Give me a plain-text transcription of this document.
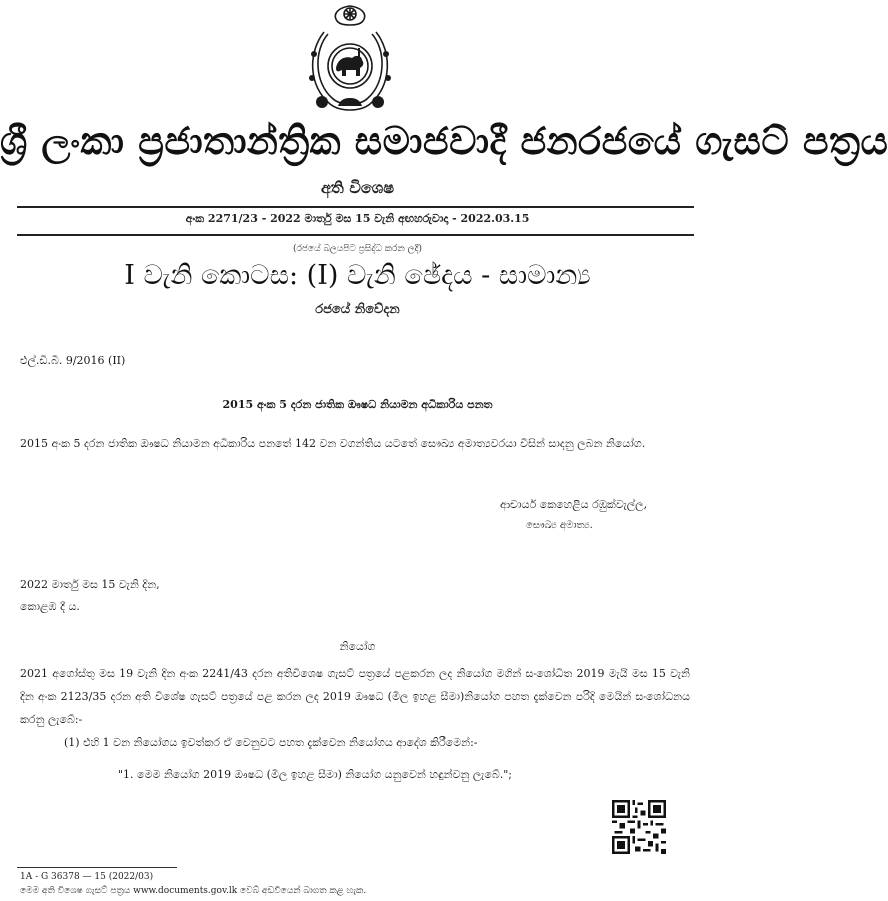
ශ්‍රී ලංකා ප්‍රජාතාන්ත්‍රික සමාජවාදී ජනරජයේ ගැසට් පත්‍රය
අති විශෙෂ
අංක 2271/23 - 2022 මාර්තු මස 15 වැනි අඟහරුවාදා - 2022.03.15
(රජයේ බලයපිට ප්‍රසිද්ධ කරන ලදී)
I වැනි කොටස: (I) වැනි ඡේදය - සාමාන්‍ය
රජයේ නිවේදන
එල්.ඩී.බී. 9/2016 (II)
2015 අංක 5 දරන ජාතික ඖෂධ නියාමන අධිකාරිය පනත

2015 අංක 5 දරන ජාතික ඖෂධ නියාමන අධිකාරිය පනතේ 142 වන වගන්තිය යටතේ සෞඛ්‍ය අමාත්‍යවරයා විසින් සාදනු ලබන නියෝග.

ආචාර්ය කෙහෙළිය රඹුක්වැල්ල,
සෞඛ්‍ය අමාත්‍ය.
2022 මාර්තු මස 15 වැනි දින,
කොළඹ දී ය.
නියෝග

2021 අගෝස්තු මස 19 වැනි දින අංක 2241/43 දරන අතිවිශෙෂ ගැසට් පත්‍රයේ පළකරන ලද නියෝග මගින් සංශෝධිත 2019 මැයි මස 15 වැනි දින අංක 2123/35 දරන අති විශේෂ ගැසට් පත්‍රයේ පළ කරන ලද 2019 ඖෂධ (මිල ඉහළ සීමා)නියෝග පහත දැක්වෙන පරිදි මෙයින් සංශෝධනය කරනු ලැබේ:-

(1) එහි 1 වන නියෝගය ඉවත්කර ඒ වෙනුවට පහත දැක්වෙන නියෝගය ආදේශ කිරීමෙන්:-
"1. මෙම නියෝග 2019 ඖෂධ (මිල ඉහළ සීමා) නියෝග යනුවෙන් හඳුන්වනු ලැබේ.";
1A - G 36378 — 15 (2022/03)
මෙම අති විශෙෂ ගැසට් පත්‍රය www.documents.gov.lk වෙබ් අඩවියෙන් බාගත කළ හැක.
